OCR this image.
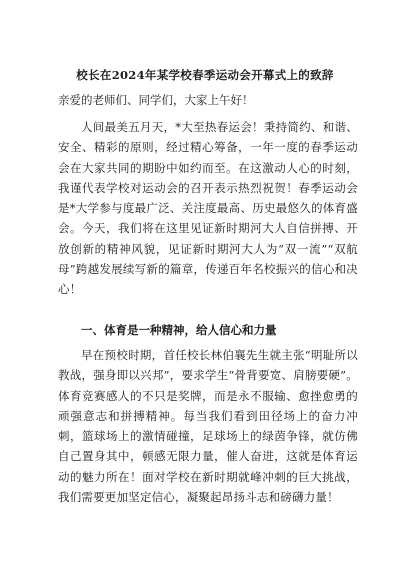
校长在2024年某学校春季运动会开幕式上的致辞

亲爱的老师们、同学们，大家上午好！

人间最美五月天，*大至热春运会！秉持简约、和谐、安全、精彩的原则，经过精心筹备，一年一度的春季运动会在大家共同的期盼中如约而至。在这激动人心的时刻，我谨代表学校对运动会的召开表示热烈祝贺！春季运动会是*大学参与度最广泛、关注度最高、历史最悠久的体育盛会。今天，我们将在这里见证新时期河大人自信拼搏、开放创新的精神风貌，见证新时期河大人为“双一流”“双航母”跨越发展续写新的篇章，传递百年名校振兴的信心和决心！

一、体育是一种精神，给人信心和力量

早在预校时期，首任校长林伯襄先生就主张“明耻所以教战，强身即以兴邦”，要求学生“骨背要宽、肩膀要硬”。体育竞赛感人的不只是奖牌，而是永不服输、愈挫愈勇的顽强意志和拼搏精神。每当我们看到田径场上的奋力冲刺，篮球场上的激情碰撞，足球场上的绿茵争锋，就仿佛自己置身其中，顿感无限力量，催人奋进，这就是体育运动的魅力所在！面对学校在新时期就峰冲刺的巨大挑战，我们需要更加坚定信心，凝聚起昂扬斗志和磅礴力量！
